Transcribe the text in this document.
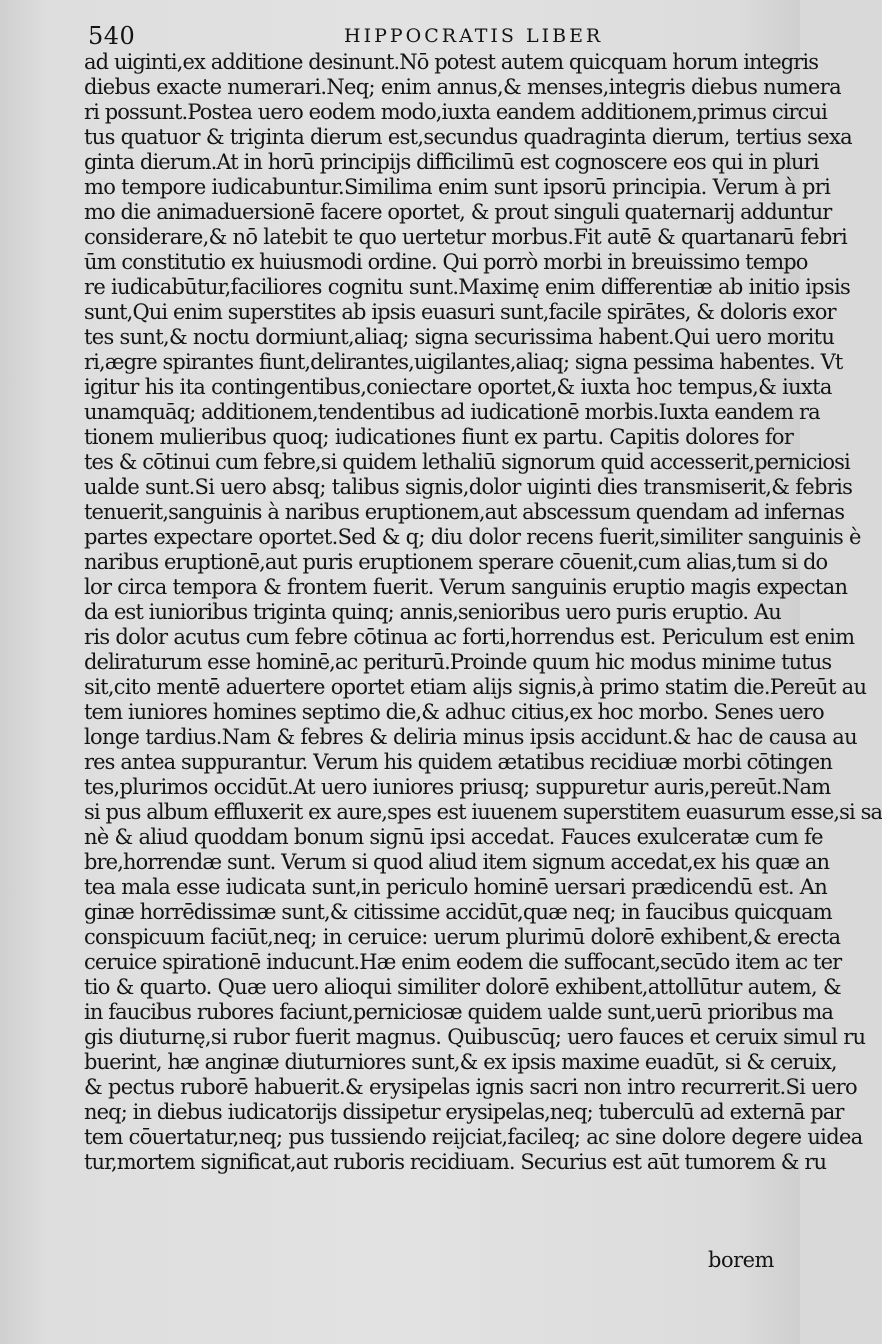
540	HIPPOCRATIS LIBER
ad uiginti,ex additione desinunt.Nō potest autem quicquam horum integris
diebus exacte numerari.Neq; enim annus,& menses,integris diebus numera
ri possunt.Postea uero eodem modo,iuxta eandem additionem,primus circui
tus quatuor & triginta dierum est,secundus quadraginta dierum, tertius sexa
ginta dierum.At in horū principijs difficilimū est cognoscere eos qui in pluri
mo tempore iudicabuntur.Similima enim sunt ipsorū principia. Verum à pri
mo die animaduersionē facere oportet, & prout singuli quaternarij adduntur
considerare,& nō latebit te quo uertetur morbus.Fit autē & quartanarū febri
ūm constitutio ex huiusmodi ordine. Qui porrò morbi in breuissimo tempo
re iudicabūtur,faciliores cognitu sunt.Maximę enim differentiæ ab initio ipsis
sunt,Qui enim superstites ab ipsis euasuri sunt,facile spirātes, & doloris exor
tes sunt,& noctu dormiunt,aliaq; signa securissima habent.Qui uero moritu
ri,ægre spirantes fiunt,delirantes,uigilantes,aliaq; signa pessima habentes. Vt
igitur his ita contingentibus,coniectare oportet,& iuxta hoc tempus,& iuxta
unamquāq; additionem,tendentibus ad iudicationē morbis.Iuxta eandem ra
tionem mulieribus quoq; iudicationes fiunt ex partu. Capitis dolores for
tes & cōtinui cum febre,si quidem lethaliū signorum quid accesserit,perniciosi
ualde sunt.Si uero absq; talibus signis,dolor uiginti dies transmiserit,& febris
tenuerit,sanguinis à naribus eruptionem,aut abscessum quendam ad infernas
partes expectare oportet.Sed & q; diu dolor recens fuerit,similiter sanguinis è
naribus eruptionē,aut puris eruptionem sperare cōuenit,cum alias,tum si do
lor circa tempora & frontem fuerit. Verum sanguinis eruptio magis expectan
da est iunioribus triginta quinq; annis,senioribus uero puris eruptio. Au
ris dolor acutus cum febre cōtinua ac forti,horrendus est. Periculum est enim
deliraturum esse hominē,ac periturū.Proinde quum hic modus minime tutus
sit,cito mentē aduertere oportet etiam alijs signis,à primo statim die.Pereūt au
tem iuniores homines septimo die,& adhuc citius,ex hoc morbo. Senes uero
longe tardius.Nam & febres & deliria minus ipsis accidunt.& hac de causa au
res antea suppurantur. Verum his quidem ætatibus recidiuæ morbi cōtingen
tes,plurimos occidūt.At uero iuniores priusq; suppuretur auris,pereūt.Nam
si pus album effluxerit ex aure,spes est iuuenem superstitem euasurum esse,si sa
nè & aliud quoddam bonum signū ipsi accedat. Fauces exulceratæ cum fe
bre,horrendæ sunt. Verum si quod aliud item signum accedat,ex his quæ an
tea mala esse iudicata sunt,in periculo hominē uersari prædicendū est. An
ginæ horrēdissimæ sunt,& citissime accidūt,quæ neq; in faucibus quicquam
conspicuum faciūt,neq; in ceruice: uerum plurimū dolorē exhibent,& erecta
ceruice spirationē inducunt.Hæ enim eodem die suffocant,secūdo item ac ter
tio & quarto. Quæ uero alioqui similiter dolorē exhibent,attollūtur autem, &
in faucibus rubores faciunt,perniciosæ quidem ualde sunt,uerū prioribus ma
gis diuturnę,si rubor fuerit magnus. Quibuscūq; uero fauces et ceruix simul ru
buerint, hæ anginæ diuturniores sunt,& ex ipsis maxime euadūt, si & ceruix,
& pectus ruborē habuerit.& erysipelas ignis sacri non intro recurrerit.Si uero
neq; in diebus iudicatorijs dissipetur erysipelas,neq; tuberculū ad externā par
tem cōuertatur,neq; pus tussiendo reijciat,facileq; ac sine dolore degere uidea
tur,mortem significat,aut ruboris recidiuam. Securius est aūt tumorem & ru
borem
